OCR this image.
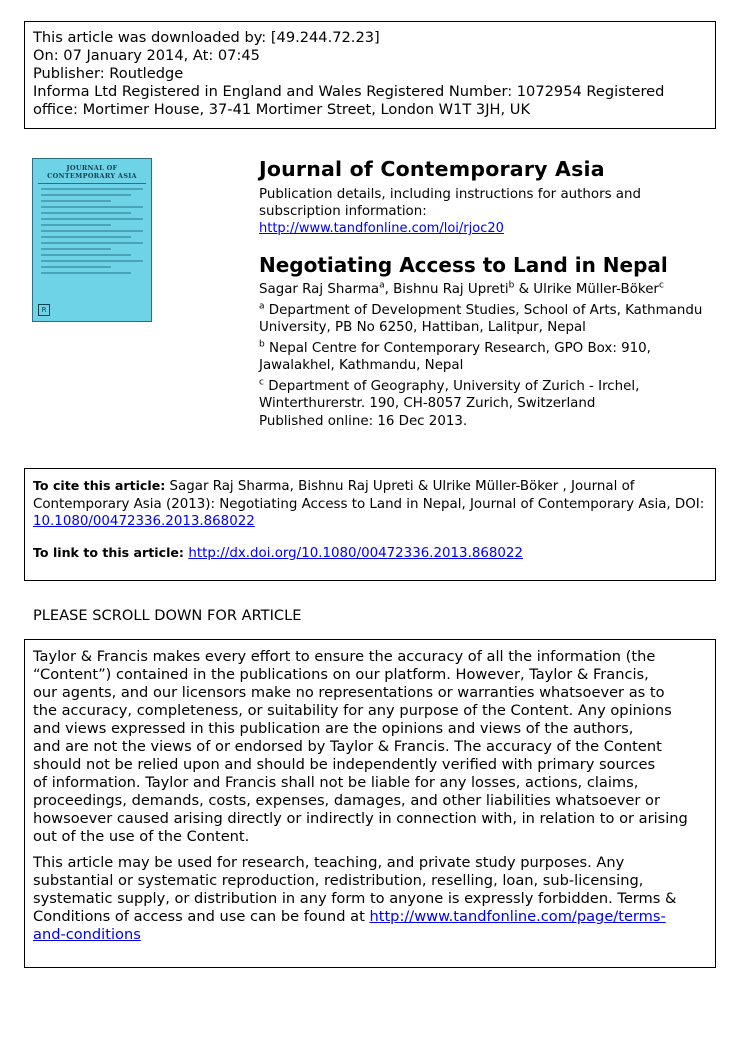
This article was downloaded by: [49.244.72.23]
On: 07 January 2014, At: 07:45
Publisher: Routledge
Informa Ltd Registered in England and Wales Registered Number: 1072954 Registered
office: Mortimer House, 37-41 Mortimer Street, London W1T 3JH, UK
JOURNAL OF CONTEMPORARY ASIA
R
Journal of Contemporary Asia
Publication details, including instructions for authors and
subscription information:
http://www.tandfonline.com/loi/rjoc20
Negotiating Access to Land in Nepal
Sagar Raj Sharma$^a$, Bishnu Raj Upreti$^b$ & Ulrike Müller-Böker$^c$
$^a$ Department of Development Studies, School of Arts, Kathmandu
University, PB No 6250, Hattiban, Lalitpur, Nepal
$^b$ Nepal Centre for Contemporary Research, GPO Box: 910,
Jawalakhel, Kathmandu, Nepal
$^c$ Department of Geography, University of Zurich - Irchel,
Winterthurerstr. 190, CH-8057 Zurich, Switzerland
Published online: 16 Dec 2013.
To cite this article: Sagar Raj Sharma, Bishnu Raj Upreti & Ulrike Müller-Böker , Journal of
Contemporary Asia (2013): Negotiating Access to Land in Nepal, Journal of Contemporary Asia, DOI:
10.1080/00472336.2013.868022
To link to this article: http://dx.doi.org/10.1080/00472336.2013.868022
PLEASE SCROLL DOWN FOR ARTICLE

Taylor & Francis makes every effort to ensure the accuracy of all the information (the
“Content”) contained in the publications on our platform. However, Taylor & Francis,
our agents, and our licensors make no representations or warranties whatsoever as to
the accuracy, completeness, or suitability for any purpose of the Content. Any opinions
and views expressed in this publication are the opinions and views of the authors,
and are not the views of or endorsed by Taylor & Francis. The accuracy of the Content
should not be relied upon and should be independently verified with primary sources
of information. Taylor and Francis shall not be liable for any losses, actions, claims,
proceedings, demands, costs, expenses, damages, and other liabilities whatsoever or
howsoever caused arising directly or indirectly in connection with, in relation to or arising
out of the use of the Content.

This article may be used for research, teaching, and private study purposes. Any
substantial or systematic reproduction, redistribution, reselling, loan, sub-licensing,
systematic supply, or distribution in any form to anyone is expressly forbidden. Terms &
Conditions of access and use can be found at http://www.tandfonline.com/page/terms-
and-conditions
